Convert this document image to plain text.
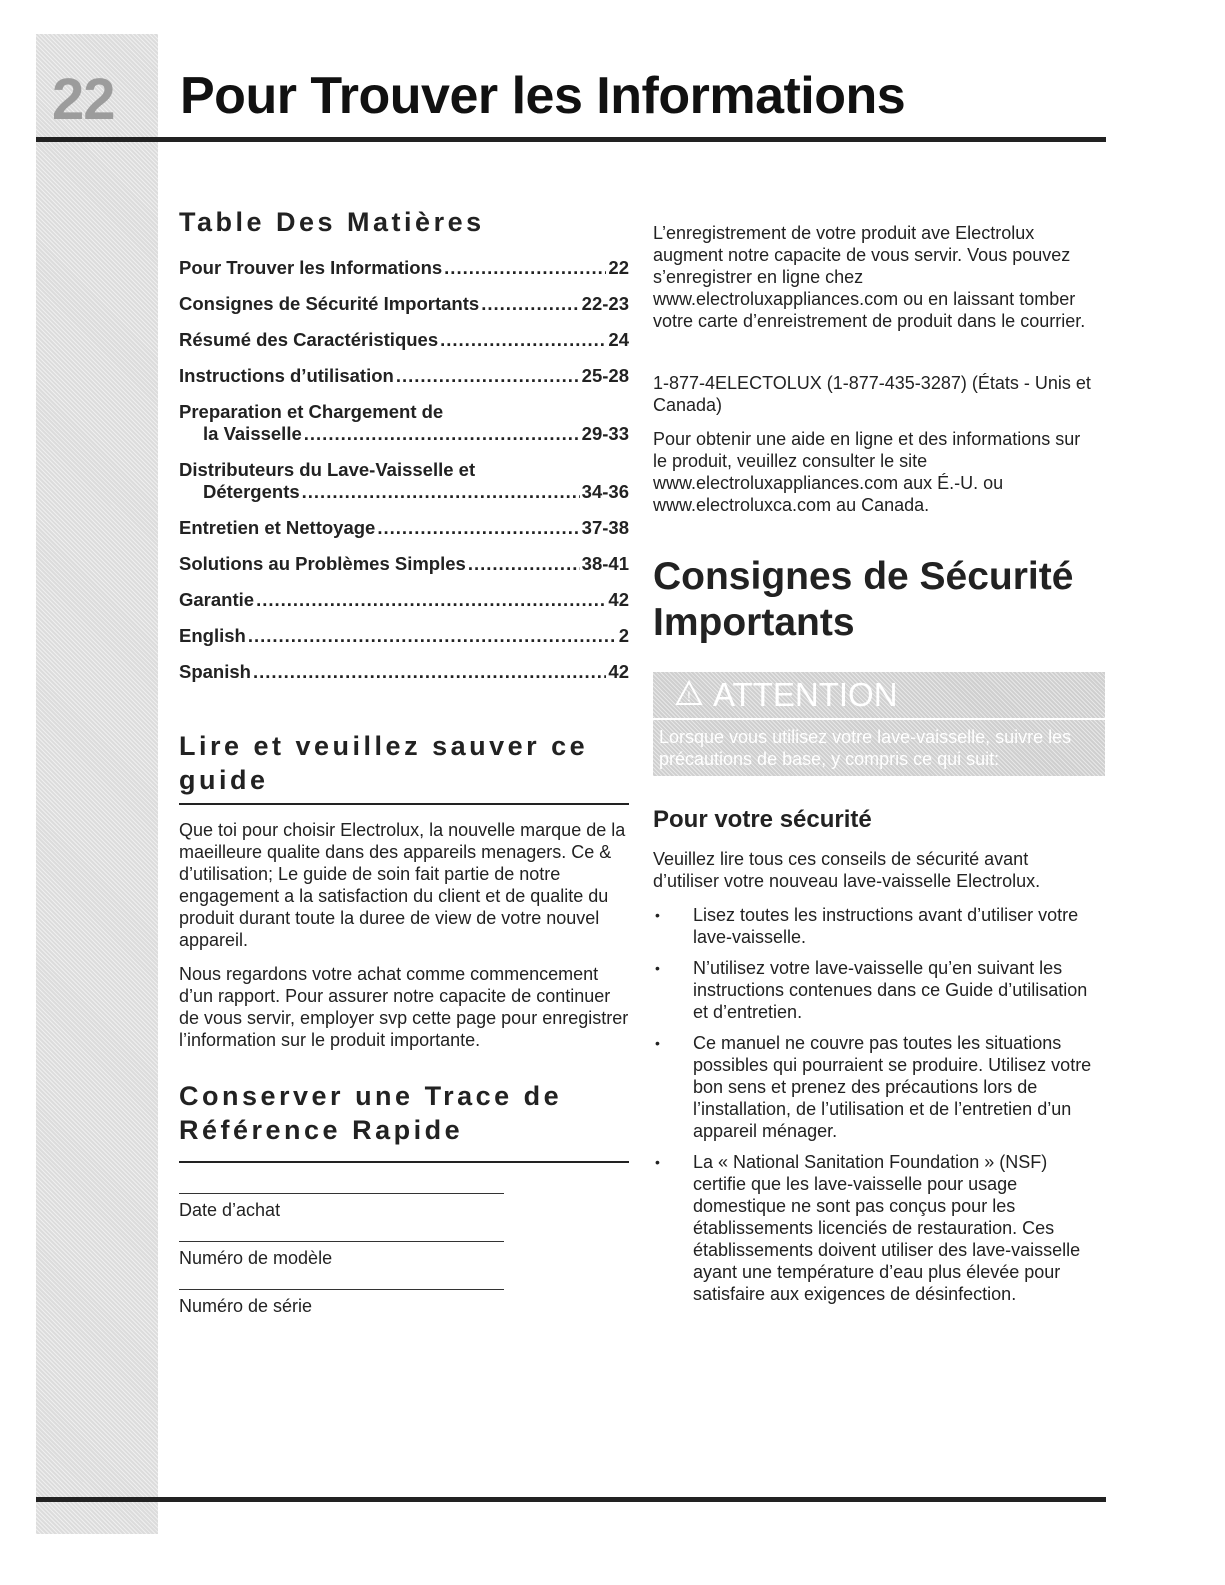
22 Pour Trouver les Informations
Table Des Matières
Pour Trouver les Informations .....	22
Consignes de Sécurité Importants .....	22-23
Résumé des Caractéristiques .....	24
Instructions d’utilisation .....	25-28
Preparation et Chargement de
la Vaisselle .....	29-33
Distributeurs du Lave-Vaisselle et
Détergents .....	34-36
Entretien et Nettoyage .....	37-38
Solutions au Problèmes Simples .....	38-41
Garantie .....	42
English .....	2
Spanish .....	42
Lire et veuillez sauver ce guide

Que toi pour choisir Electrolux, la nouvelle marque de la maeilleure qualite dans des appareils menagers. Ce & d’utilisation; Le guide de soin fait partie de notre engagement a la satisfaction du client et de qualite du produit durant toute la duree de view de votre nouvel appareil.

Nous regardons votre achat comme commencement d’un rapport. Pour assurer notre capacite de continuer de vous servir, employer svp cette page pour enregistrer l’information sur le produit importante.

Conserver une Trace de Référence Rapide
Date d’achat
Numéro de modèle
Numéro de série

L’enregistrement de votre produit ave Electrolux augment notre capacite de vous servir. Vous pouvez s’enregistrer en ligne chez www.electroluxappliances.com ou en laissant tomber votre carte d’enreistrement de produit dans le courrier.

1-877-4ELECTOLUX (1-877-435-3287) (États - Unis et Canada)

Pour obtenir une aide en ligne et des informations sur le produit, veuillez consulter le site www.electroluxappliances.com aux É.-U. ou www.electroluxca.com au Canada.

Consignes de Sécurité Importants
! ATTENTION
Lorsque vous utilisez votre lave-vaisselle, suivre les précautions de base, y compris ce qui suit:
Pour votre sécurité

Veuillez lire tous ces conseils de sécurité avant d’utiliser votre nouveau lave-vaisselle Electrolux.

• Lisez toutes les instructions avant d’utiliser votre lave-vaisselle.
• N’utilisez votre lave-vaisselle qu’en suivant les instructions contenues dans ce Guide d’utilisation et d’entretien.
• Ce manuel ne couvre pas toutes les situations possibles qui pourraient se produire. Utilisez votre bon sens et prenez des précautions lors de l’installation, de l’utilisation et de l’entretien d’un appareil ménager.
• La « National Sanitation Foundation » (NSF) certifie que les lave-vaisselle pour usage domestique ne sont pas conçus pour les établissements licenciés de restauration. Ces établissements doivent utiliser des lave-vaisselle ayant une température d’eau plus élevée pour satisfaire aux exigences de désinfection.
